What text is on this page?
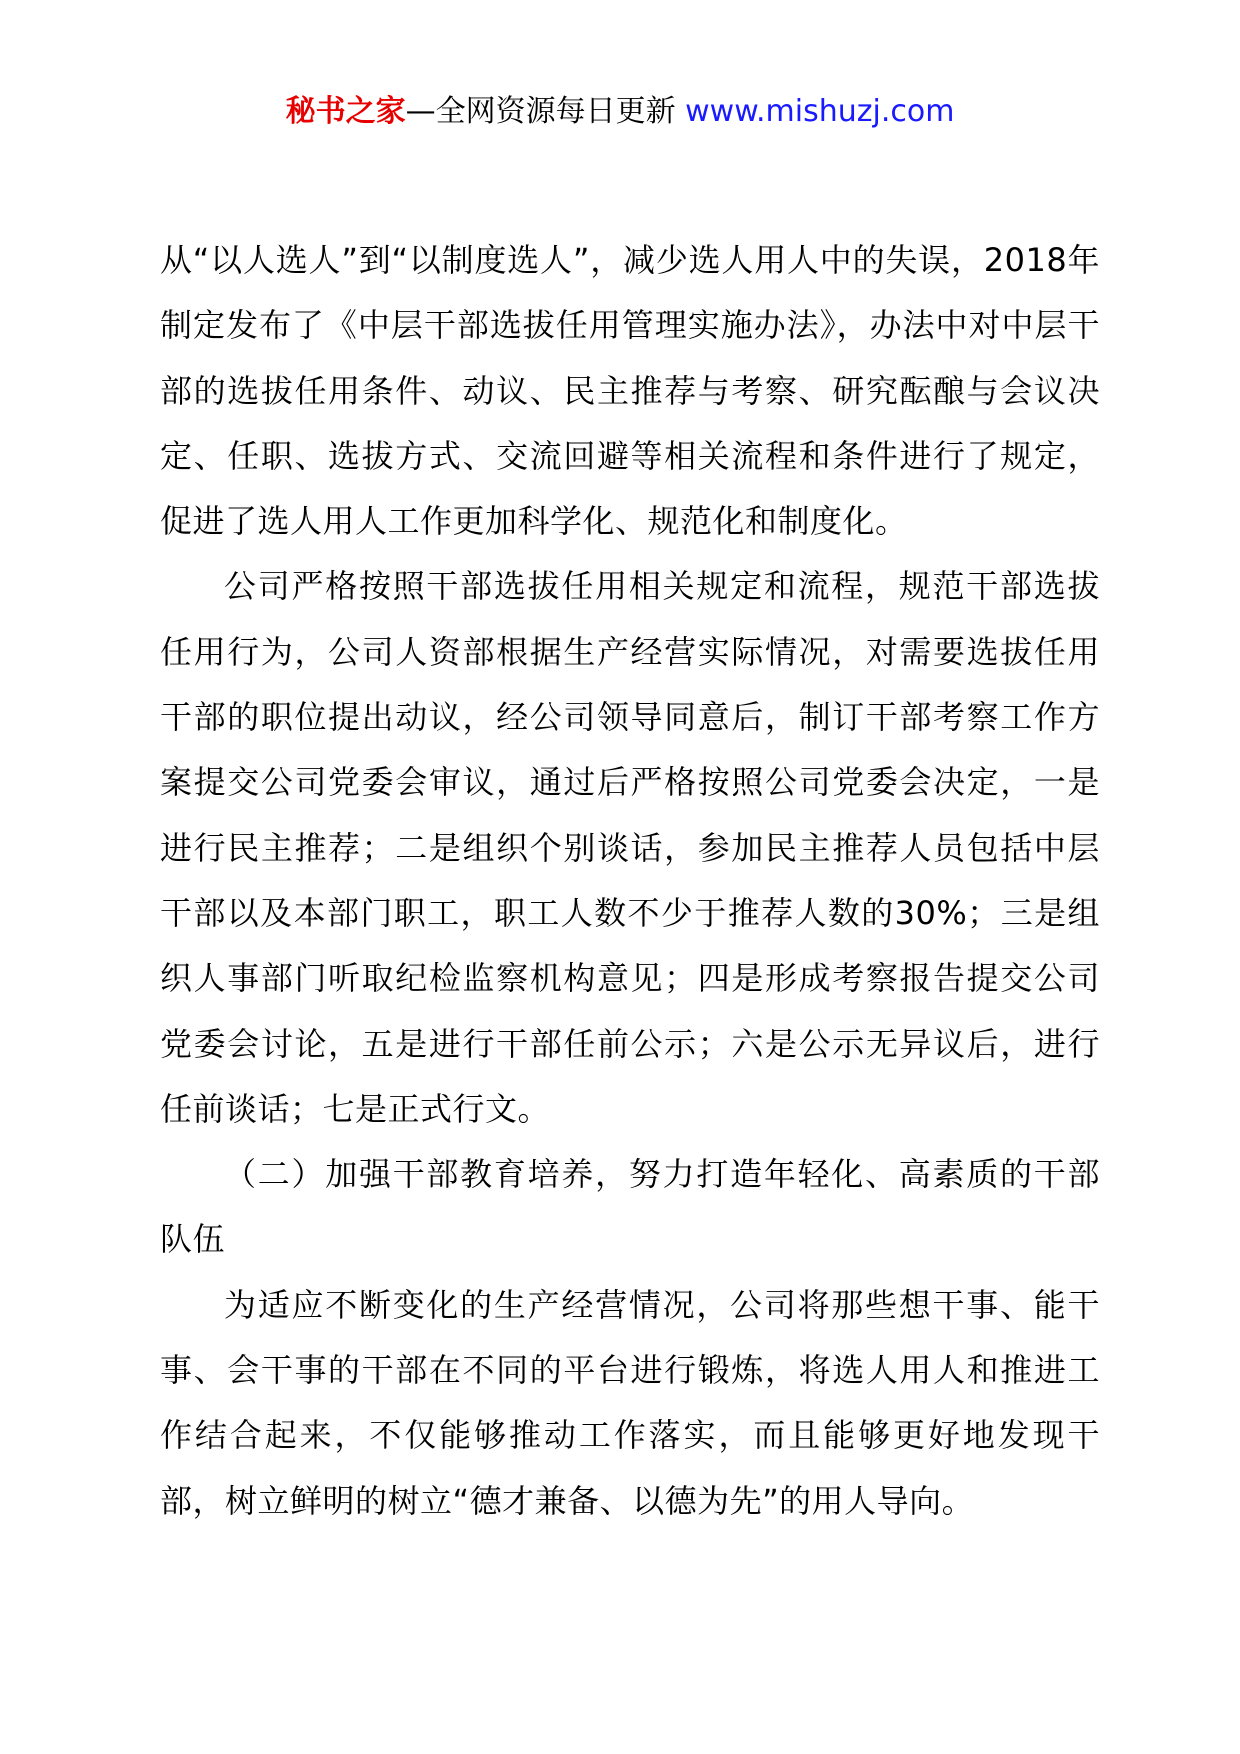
秘书之家—全网资源每日更新 www.mishuzj.com

从“以人选人”到“以制度选人”，减少选人用人中的失误，2018年制定发布了《中层干部选拔任用管理实施办法》，办法中对中层干部的选拔任用条件、动议、民主推荐与考察、研究酝酿与会议决定、任职、选拔方式、交流回避等相关流程和条件进行了规定，促进了选人用人工作更加科学化、规范化和制度化。

公司严格按照干部选拔任用相关规定和流程，规范干部选拔任用行为，公司人资部根据生产经营实际情况，对需要选拔任用干部的职位提出动议，经公司领导同意后，制订干部考察工作方案提交公司党委会审议，通过后严格按照公司党委会决定，一是进行民主推荐；二是组织个别谈话，参加民主推荐人员包括中层干部以及本部门职工，职工人数不少于推荐人数的30%；三是组织人事部门听取纪检监察机构意见；四是形成考察报告提交公司党委会讨论，五是进行干部任前公示；六是公示无异议后，进行任前谈话；七是正式行文。

（二）加强干部教育培养，努力打造年轻化、高素质的干部队伍

为适应不断变化的生产经营情况，公司将那些想干事、能干事、会干事的干部在不同的平台进行锻炼，将选人用人和推进工作结合起来，不仅能够推动工作落实，而且能够更好地发现干部，树立鲜明的树立“德才兼备、以德为先”的用人导向。
